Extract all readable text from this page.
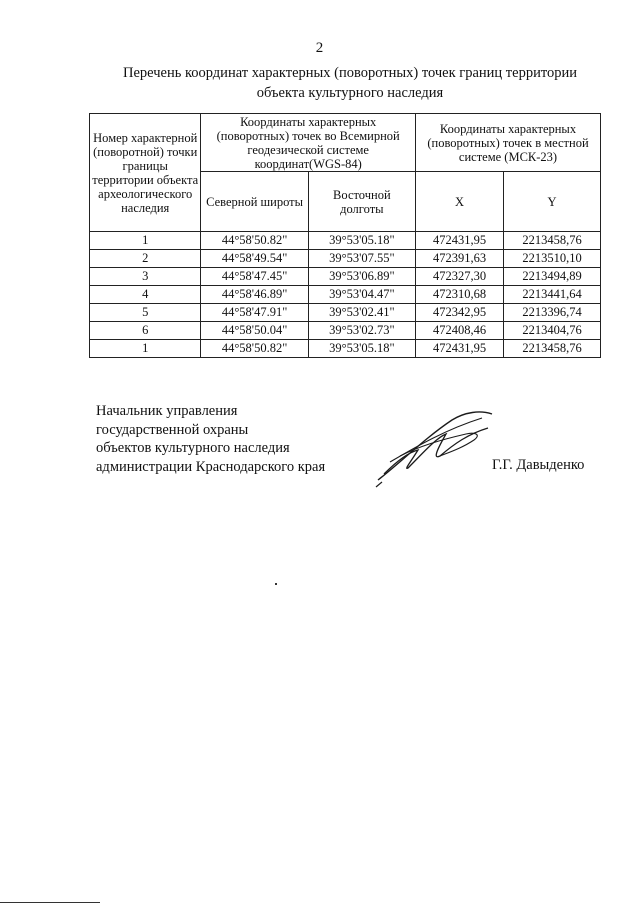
2
Перечень координат характерных (поворотных) точек границ территории
объекта культурного наследия
Номер характерной (поворотной) точки границы территории объекта археологического наследия	Координаты характерных (поворотных) точек во Всемирной геодезической системе координат(WGS-84)		Координаты характерных (поворотных) точек в местной системе (МСК-23)	
	Северной широты	Восточной долготы	X	Y
1	44°58'50.82"	39°53'05.18"	472431,95	2213458,76
2	44°58'49.54"	39°53'07.55"	472391,63	2213510,10
3	44°58'47.45"	39°53'06.89"	472327,30	2213494,89
4	44°58'46.89"	39°53'04.47"	472310,68	2213441,64
5	44°58'47.91"	39°53'02.41"	472342,95	2213396,74
6	44°58'50.04"	39°53'02.73"	472408,46	2213404,76
1	44°58'50.82"	39°53'05.18"	472431,95	2213458,76
Начальник управления
государственной охраны
объектов культурного наследия
администрации Краснодарского края	Г.Г. Давыденко
